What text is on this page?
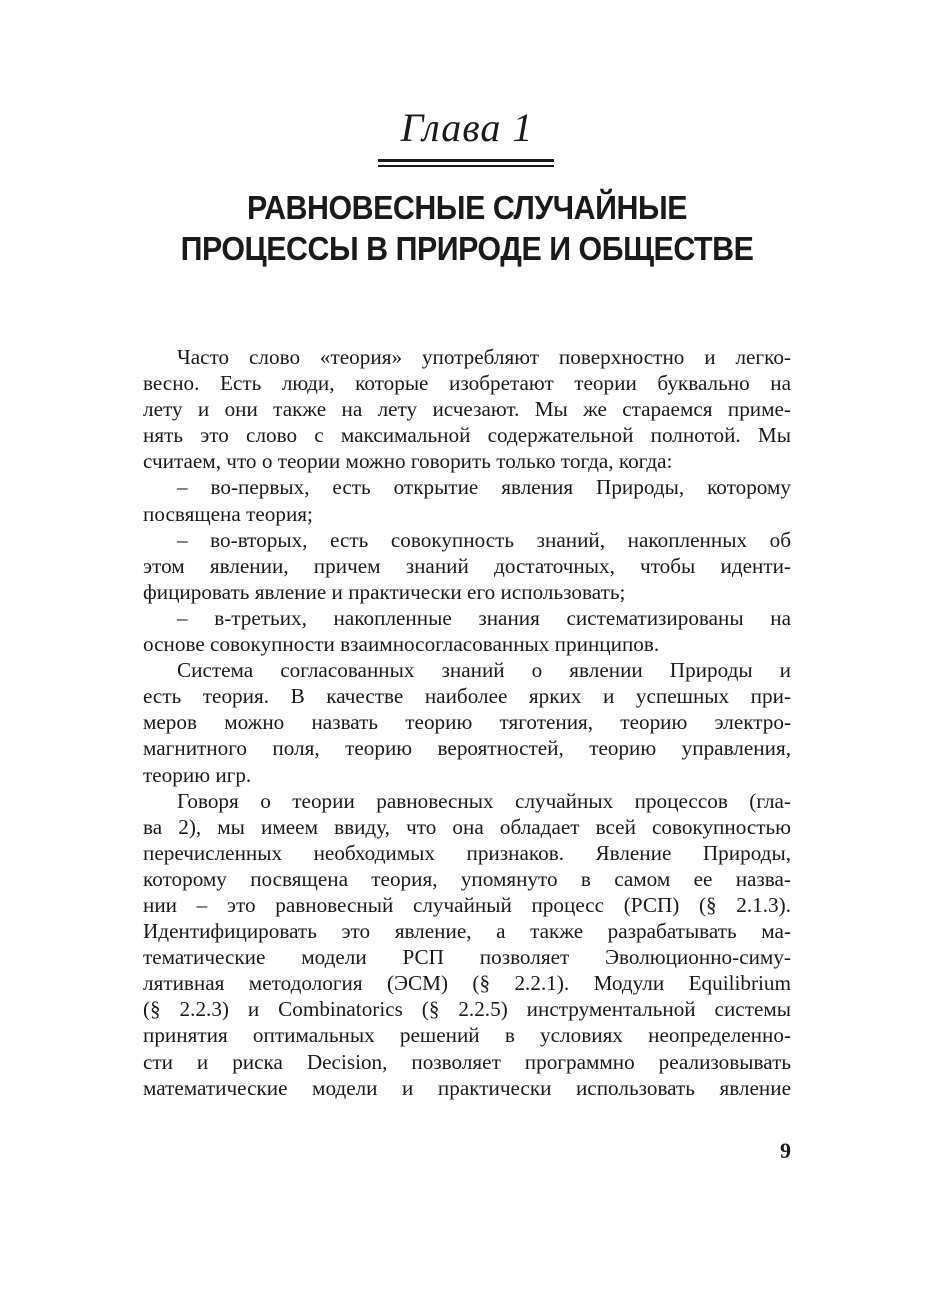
Глава 1
РАВНОВЕСНЫЕ СЛУЧАЙНЫЕ
ПРОЦЕССЫ В ПРИРОДЕ И ОБЩЕСТВЕ
Часто слово «теория» употребляют поверхностно и легко-
весно. Есть люди, которые изобретают теории буквально на
лету и они также на лету исчезают. Мы же стараемся приме-
нять это слово с максимальной содержательной полнотой. Мы
считаем, что о теории можно говорить только тогда, когда:
– во-первых, есть открытие явления Природы, которому
посвящена теория;
– во-вторых, есть совокупность знаний, накопленных об
этом явлении, причем знаний достаточных, чтобы иденти-
фицировать явление и практически его использовать;
– в-третьих, накопленные знания систематизированы на
основе совокупности взаимносогласованных принципов.
Система согласованных знаний о явлении Природы и
есть теория. В качестве наиболее ярких и успешных при-
меров можно назвать теорию тяготения, теорию электро-
магнитного поля, теорию вероятностей, теорию управления,
теорию игр.
Говоря о теории равновесных случайных процессов (гла-
ва 2), мы имеем ввиду, что она обладает всей совокупностью
перечисленных необходимых признаков. Явление Природы,
которому посвящена теория, упомянуто в самом ее назва-
нии – это равновесный случайный процесс (РСП) (§ 2.1.3).
Идентифицировать это явление, а также разрабатывать ма-
тематические модели РСП позволяет Эволюционно-симу-
лятивная методология (ЭСМ) (§ 2.2.1). Модули Equilibrium
(§ 2.2.3) и Combinatorics (§ 2.2.5) инструментальной системы
принятия оптимальных решений в условиях неопределенно-
сти и риска Decision, позволяет программно реализовывать
математические модели и практически использовать явление
9
